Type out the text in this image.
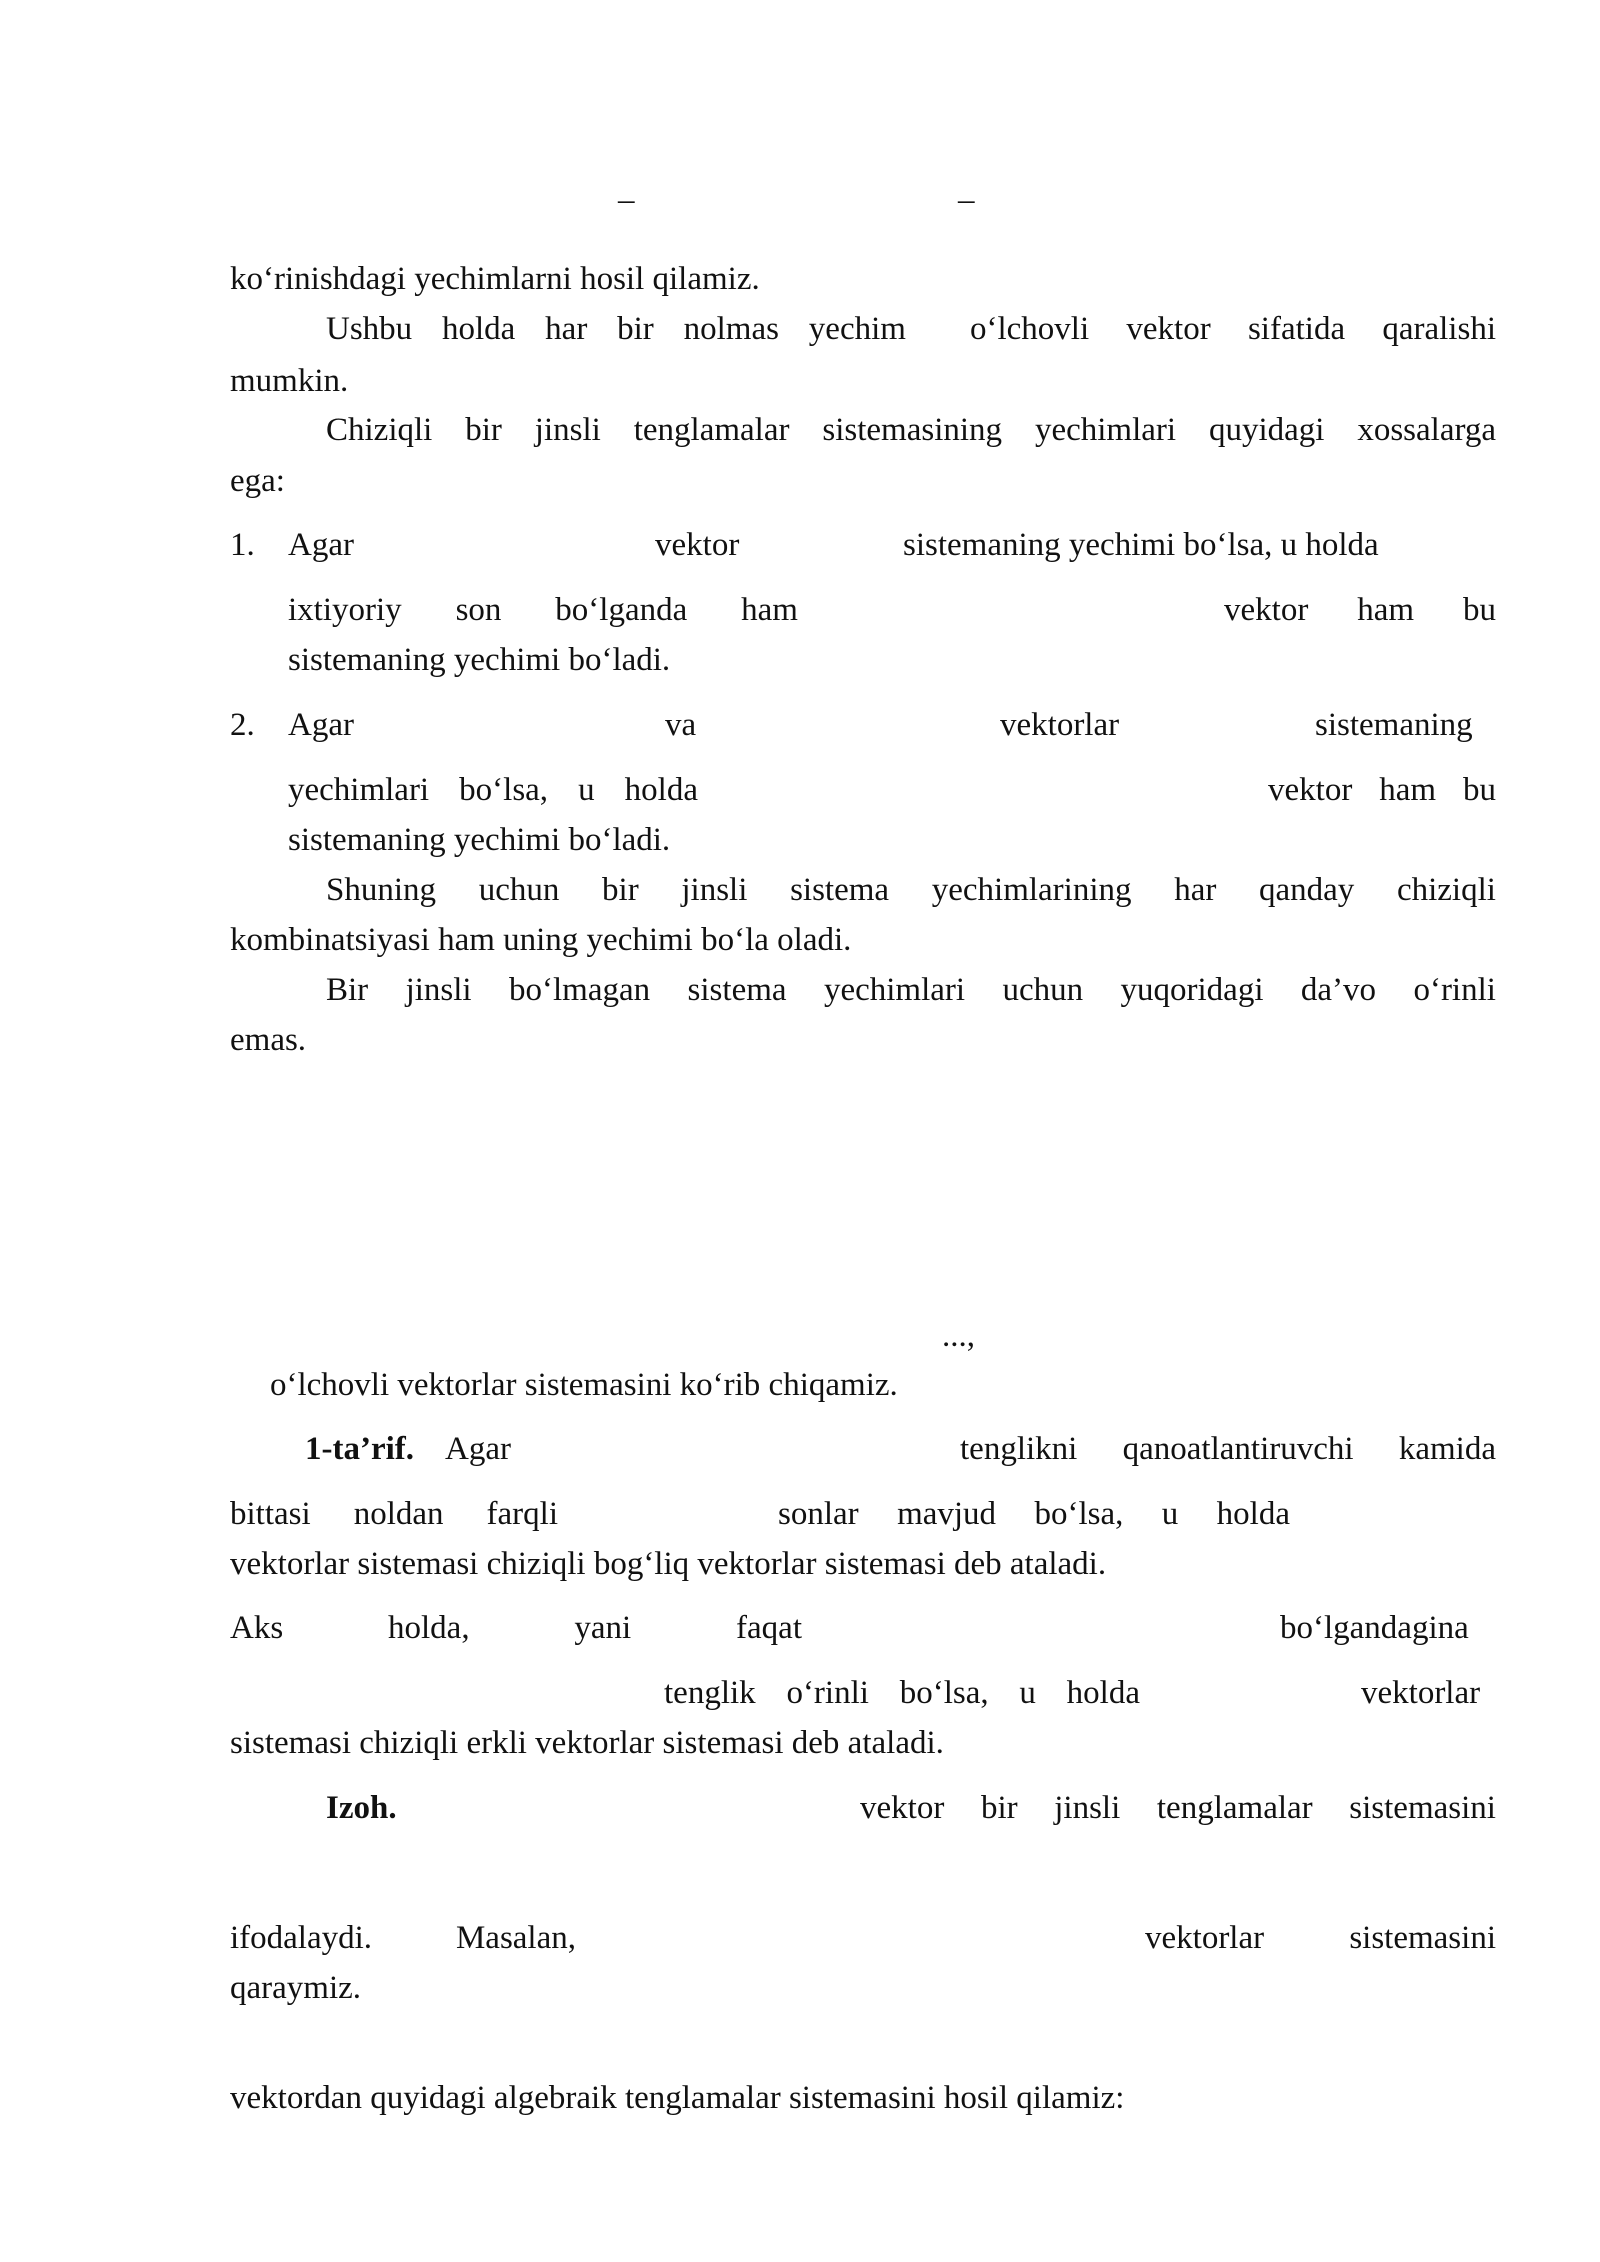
–	–
ko‘rinishdagi yechimlarni hosil qilamiz.
Ushbu holda har bir nolmas yechim o‘lchovli vektor sifatida qaralishi
mumkin.
Chiziqli bir jinsli tenglamalar sistemasining yechimlari quyidagi xossalarga
ega:
1. Agar	vektor	sistemaning yechimi bo‘lsa, u holda
ixtiyoriy son bo‘lganda ham	vektor ham bu
sistemaning yechimi bo‘ladi.
2. Agar	va	vektorlar	sistemaning
yechimlari bo‘lsa, u holda	vektor ham bu
sistemaning yechimi bo‘ladi.
Shuning uchun bir jinsli sistema yechimlarining har qanday chiziqli
kombinatsiyasi ham uning yechimi bo‘la oladi.
Bir jinsli bo‘lmagan sistema yechimlari uchun yuqoridagi da’vo o‘rinli
emas.
...,
o‘lchovli vektorlar sistemasini ko‘rib chiqamiz.
1-ta’rif. Agar	tenglikni qanoatlantiruvchi kamida
bittasi noldan farqli	sonlar mavjud bo‘lsa, u holda
vektorlar sistemasi chiziqli bog‘liq vektorlar sistemasi deb ataladi.
Aks	holda,	yani	faqat	bo‘lgandagina
tenglik o‘rinli bo‘lsa, u holda	vektorlar
sistemasi chiziqli erkli vektorlar sistemasi deb ataladi.
Izoh.	vektor bir jinsli tenglamalar sistemasini
ifodalaydi.	Masalan,	vektorlar	sistemasini
qaraymiz.
vektordan quyidagi algebraik tenglamalar sistemasini hosil qilamiz:
